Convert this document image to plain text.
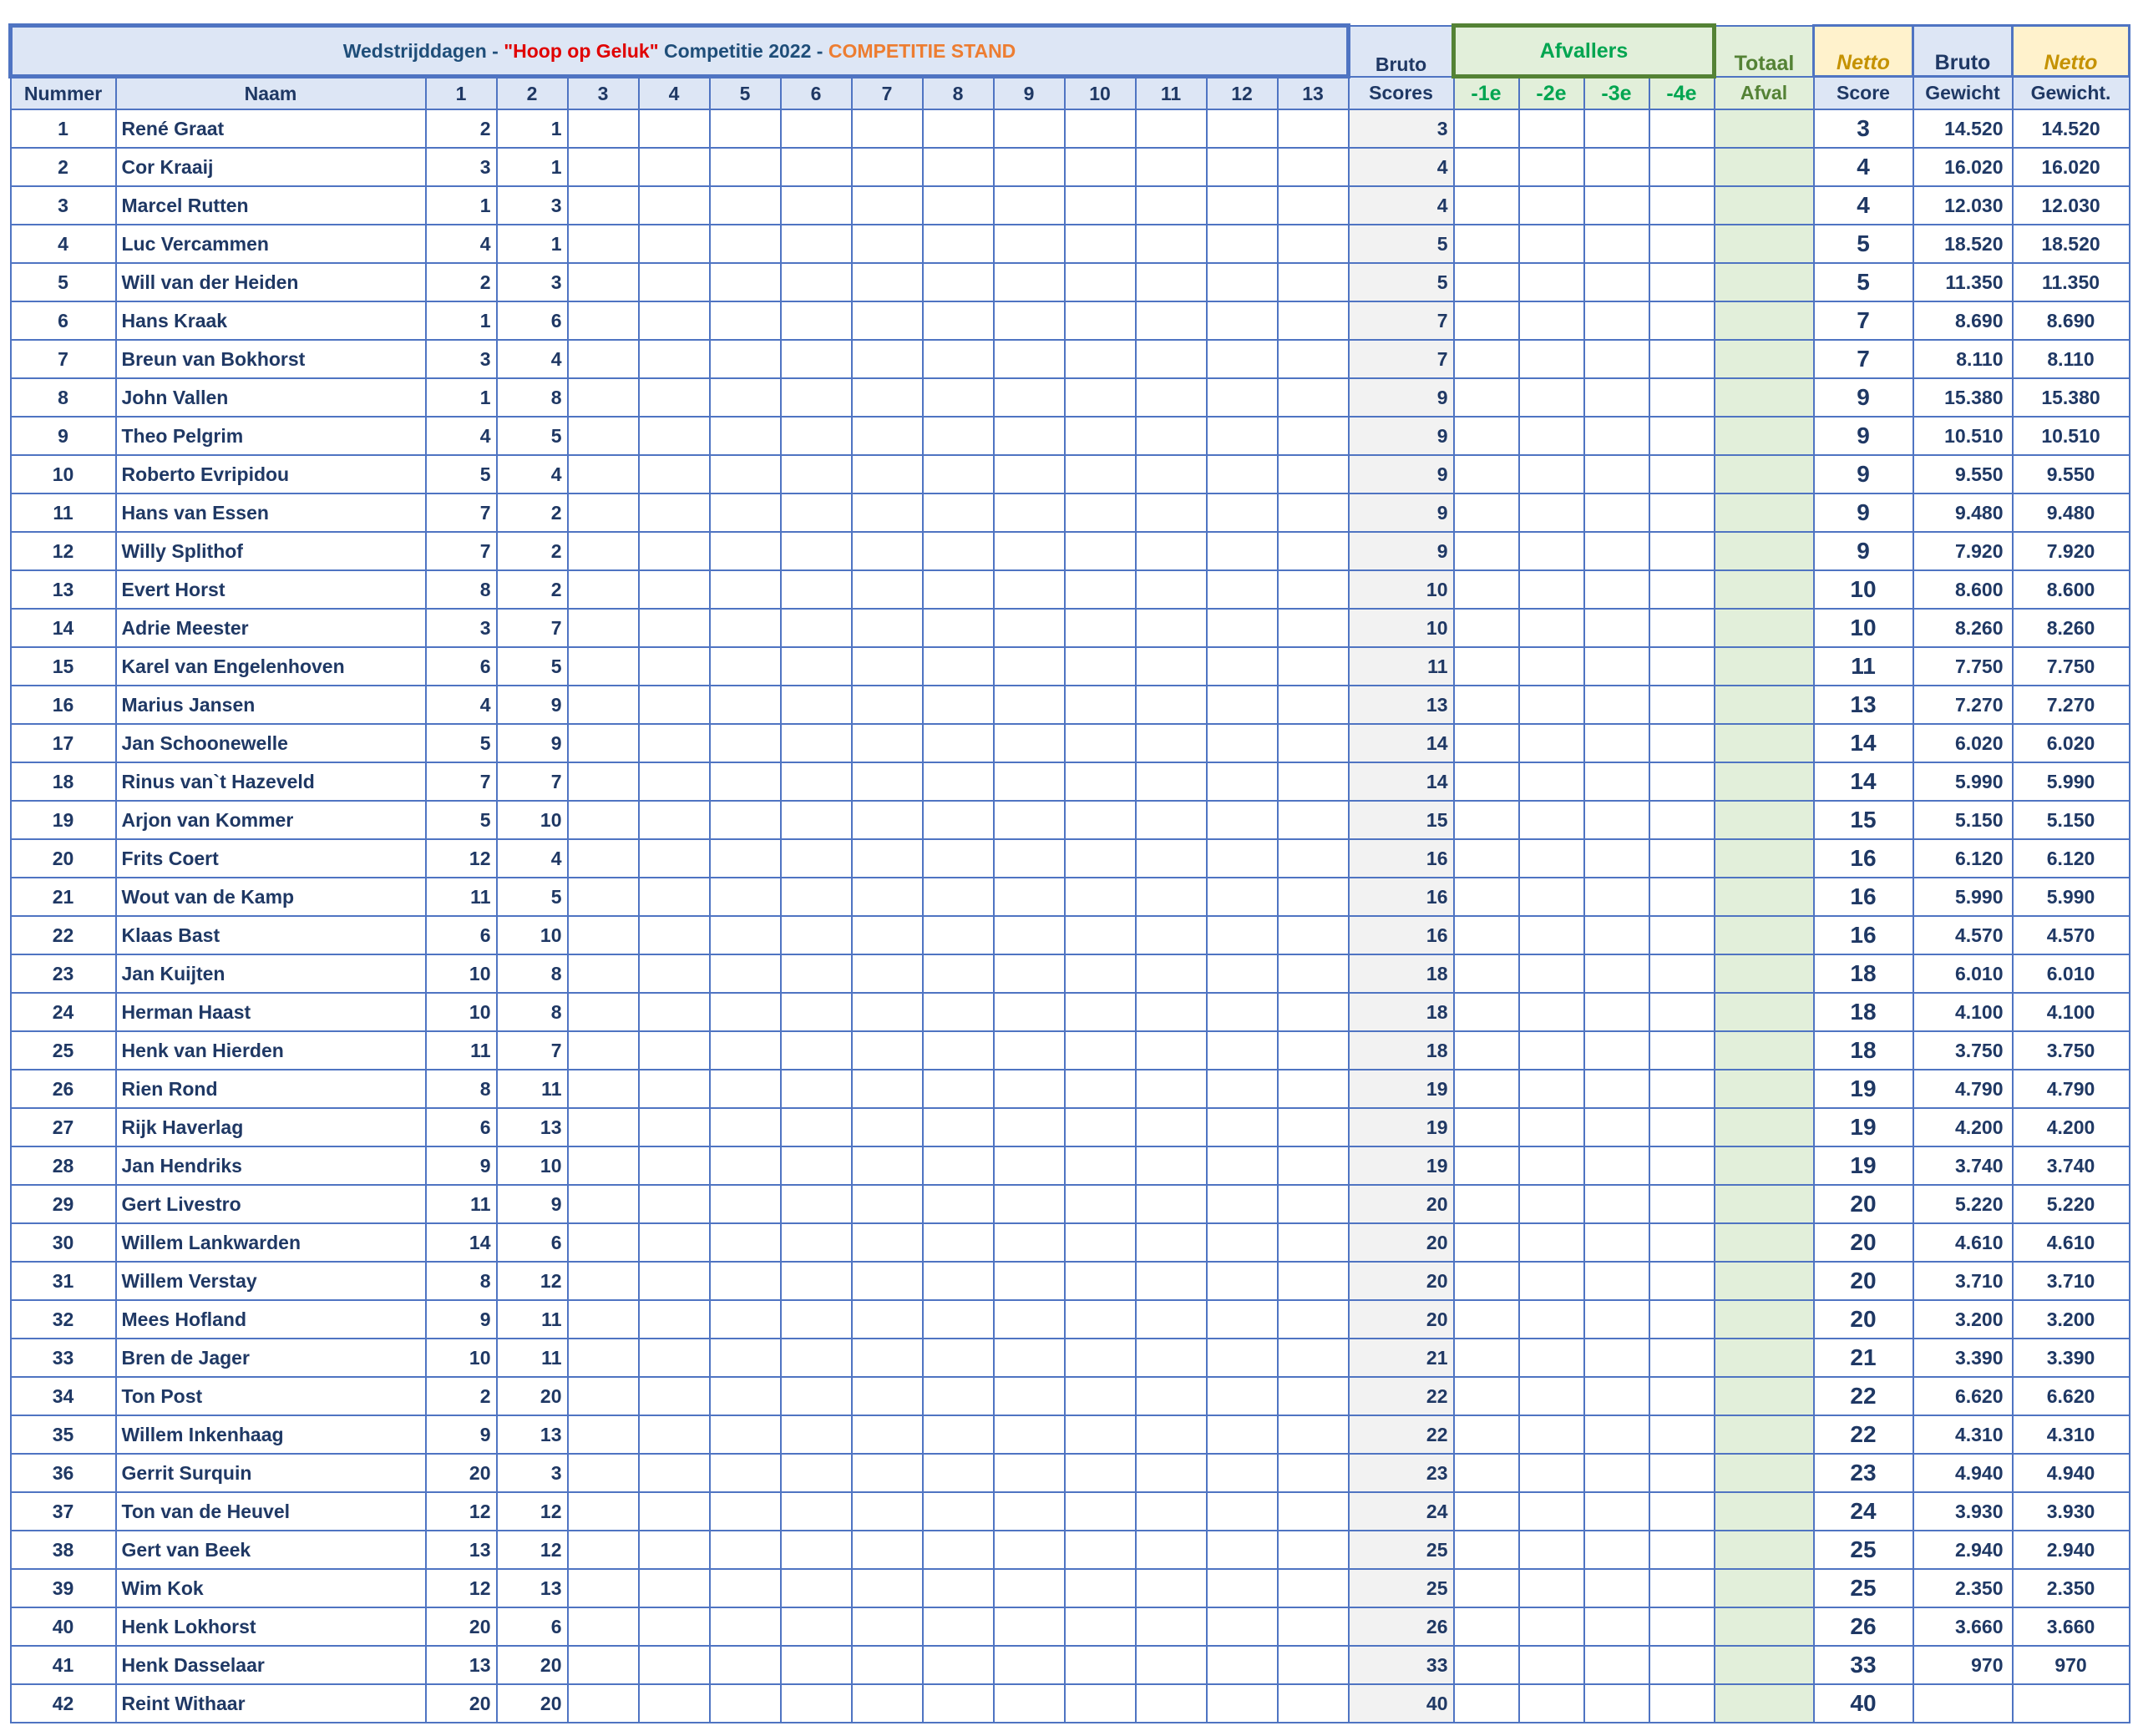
Wedstrijddagen - "Hoop op Geluk" Competitie 2022 - COMPETITIE STAND															Bruto	Afvallers				Totaal	Netto	Bruto	Netto
Nummer	Naam	1	2	3	4	5	6	7	8	9	10	11	12	13	Scores	-1e	-2e	-3e	-4e	Afval	Score	Gewicht	Gewicht.
1	René Graat	2	1												3						3	14.520	14.520
2	Cor Kraaij	3	1												4						4	16.020	16.020
3	Marcel Rutten	1	3												4						4	12.030	12.030
4	Luc Vercammen	4	1												5						5	18.520	18.520
5	Will van der Heiden	2	3												5						5	11.350	11.350
6	Hans Kraak	1	6												7						7	8.690	8.690
7	Breun van Bokhorst	3	4												7						7	8.110	8.110
8	John Vallen	1	8												9						9	15.380	15.380
9	Theo Pelgrim	4	5												9						9	10.510	10.510
10	Roberto Evripidou	5	4												9						9	9.550	9.550
11	Hans van Essen	7	2												9						9	9.480	9.480
12	Willy Splithof	7	2												9						9	7.920	7.920
13	Evert Horst	8	2												10						10	8.600	8.600
14	Adrie Meester	3	7												10						10	8.260	8.260
15	Karel van Engelenhoven	6	5												11						11	7.750	7.750
16	Marius Jansen	4	9												13						13	7.270	7.270
17	Jan Schoonewelle	5	9												14						14	6.020	6.020
18	Rinus van`t Hazeveld	7	7												14						14	5.990	5.990
19	Arjon van Kommer	5	10												15						15	5.150	5.150
20	Frits Coert	12	4												16						16	6.120	6.120
21	Wout van de Kamp	11	5												16						16	5.990	5.990
22	Klaas Bast	6	10												16						16	4.570	4.570
23	Jan Kuijten	10	8												18						18	6.010	6.010
24	Herman Haast	10	8												18						18	4.100	4.100
25	Henk van Hierden	11	7												18						18	3.750	3.750
26	Rien Rond	8	11												19						19	4.790	4.790
27	Rijk Haverlag	6	13												19						19	4.200	4.200
28	Jan Hendriks	9	10												19						19	3.740	3.740
29	Gert Livestro	11	9												20						20	5.220	5.220
30	Willem Lankwarden	14	6												20						20	4.610	4.610
31	Willem Verstay	8	12												20						20	3.710	3.710
32	Mees Hofland	9	11												20						20	3.200	3.200
33	Bren de Jager	10	11												21						21	3.390	3.390
34	Ton Post	2	20												22						22	6.620	6.620
35	Willem Inkenhaag	9	13												22						22	4.310	4.310
36	Gerrit Surquin	20	3												23						23	4.940	4.940
37	Ton van de Heuvel	12	12												24						24	3.930	3.930
38	Gert van Beek	13	12												25						25	2.940	2.940
39	Wim Kok	12	13												25						25	2.350	2.350
40	Henk Lokhorst	20	6												26						26	3.660	3.660
41	Henk Dasselaar	13	20												33						33	970	970
42	Reint Withaar	20	20												40						40		
